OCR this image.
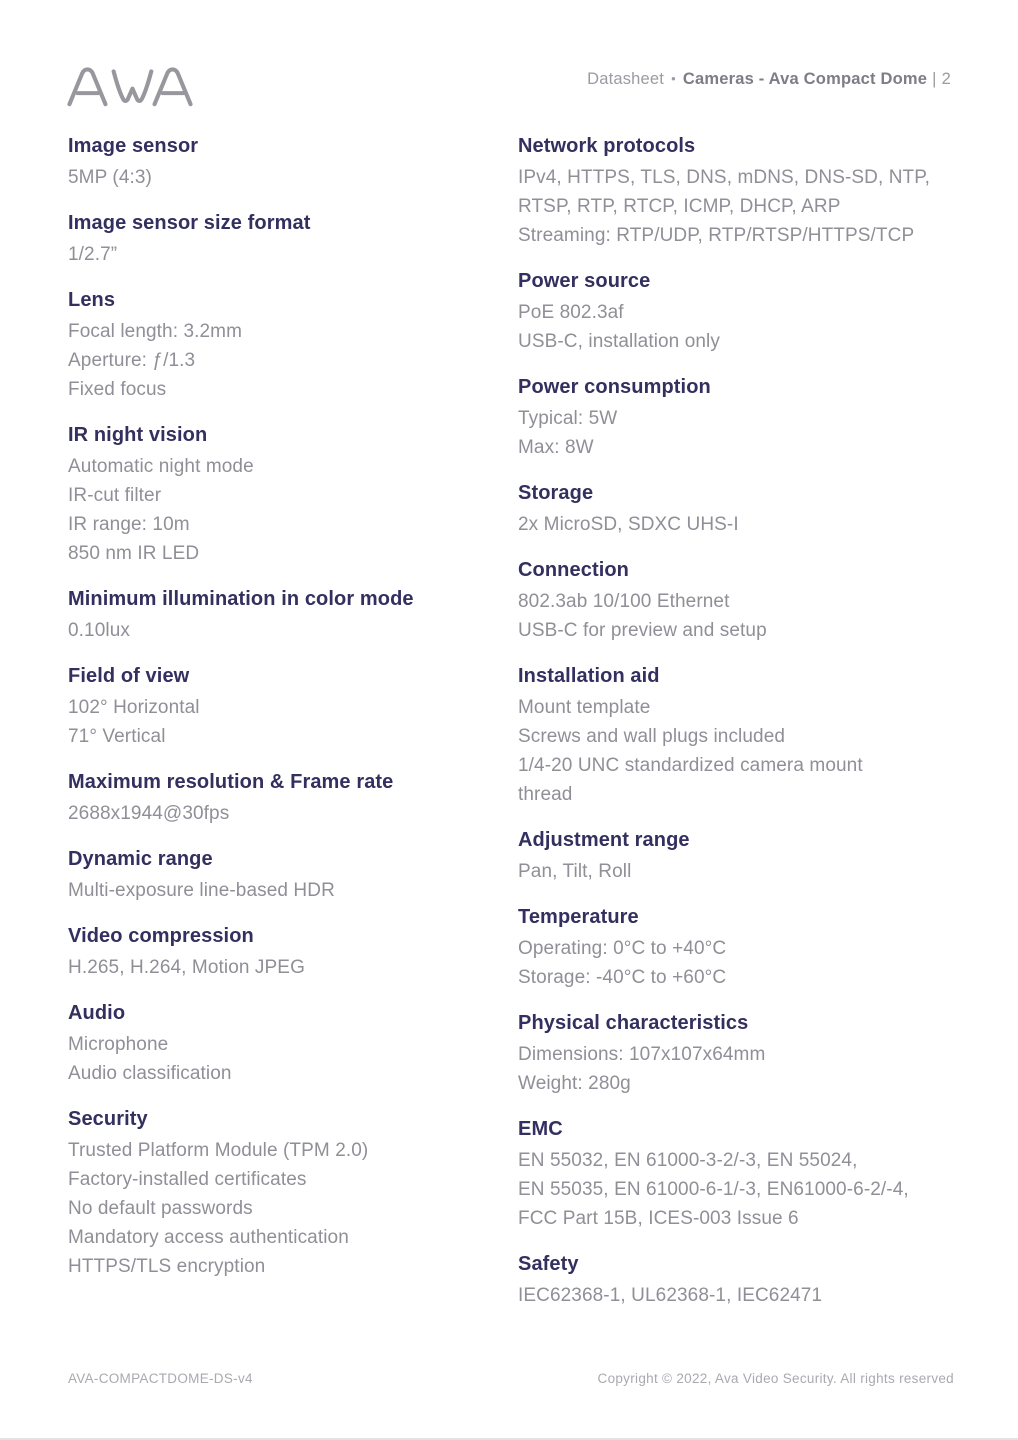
Datasheet • Cameras - Ava Compact Dome | 2
Image sensor
5MP (4:3)
Image sensor size format
1/2.7”
Lens
Focal length: 3.2mm
Aperture: ƒ/1.3
Fixed focus
IR night vision
Automatic night mode
IR-cut filter
IR range: 10m
850 nm IR LED
Minimum illumination in color mode
0.10lux
Field of view
102° Horizontal
71° Vertical
Maximum resolution & Frame rate
2688x1944@30fps
Dynamic range
Multi-exposure line-based HDR
Video compression
H.265, H.264, Motion JPEG
Audio
Microphone
Audio classification
Security
Trusted Platform Module (TPM 2.0)
Factory-installed certificates
No default passwords
Mandatory access authentication
HTTPS/TLS encryption
Network protocols
IPv4, HTTPS, TLS, DNS, mDNS, DNS-SD, NTP,
RTSP, RTP, RTCP, ICMP, DHCP, ARP
Streaming: RTP/UDP, RTP/RTSP/HTTPS/TCP
Power source
PoE 802.3af
USB-C, installation only
Power consumption
Typical: 5W
Max: 8W
Storage
2x MicroSD, SDXC UHS-I
Connection
802.3ab 10/100 Ethernet
USB-C for preview and setup
Installation aid
Mount template
Screws and wall plugs included
1/4-20 UNC standardized camera mount
thread
Adjustment range
Pan, Tilt, Roll
Temperature
Operating: 0°C to +40°C
Storage: -40°C to +60°C
Physical characteristics
Dimensions: 107x107x64mm
Weight: 280g
EMC
EN 55032, EN 61000-3-2/-3, EN 55024,
EN 55035, EN 61000-6-1/-3, EN61000-6-2/-4,
FCC Part 15B, ICES-003 Issue 6
Safety
IEC62368-1, UL62368-1, IEC62471
AVA-COMPACTDOME-DS-v4	Copyright © 2022, Ava Video Security. All rights reserved
